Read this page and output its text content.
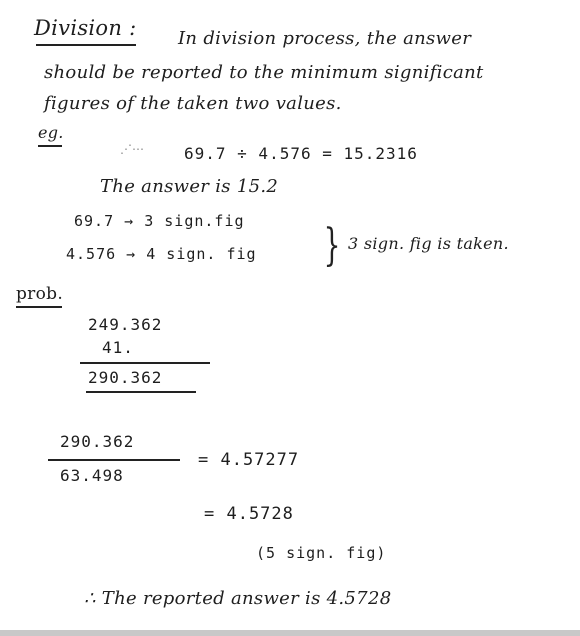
Division : In division process, the answer
should be reported to the minimum significant
figures of the taken two values.
eg.
⋰⋯	69.7 ÷ 4.576 = 15.2316
The answer is 15.2
69.7 → 3 sign.fig
4.576 → 4 sign. fig } 3 sign. fig is taken.
prob.
249.362
41.
290.362
290.362
63.498
= 4.57277
= 4.5728
(5 sign. fig)
∴ The reported answer is 4.5728
